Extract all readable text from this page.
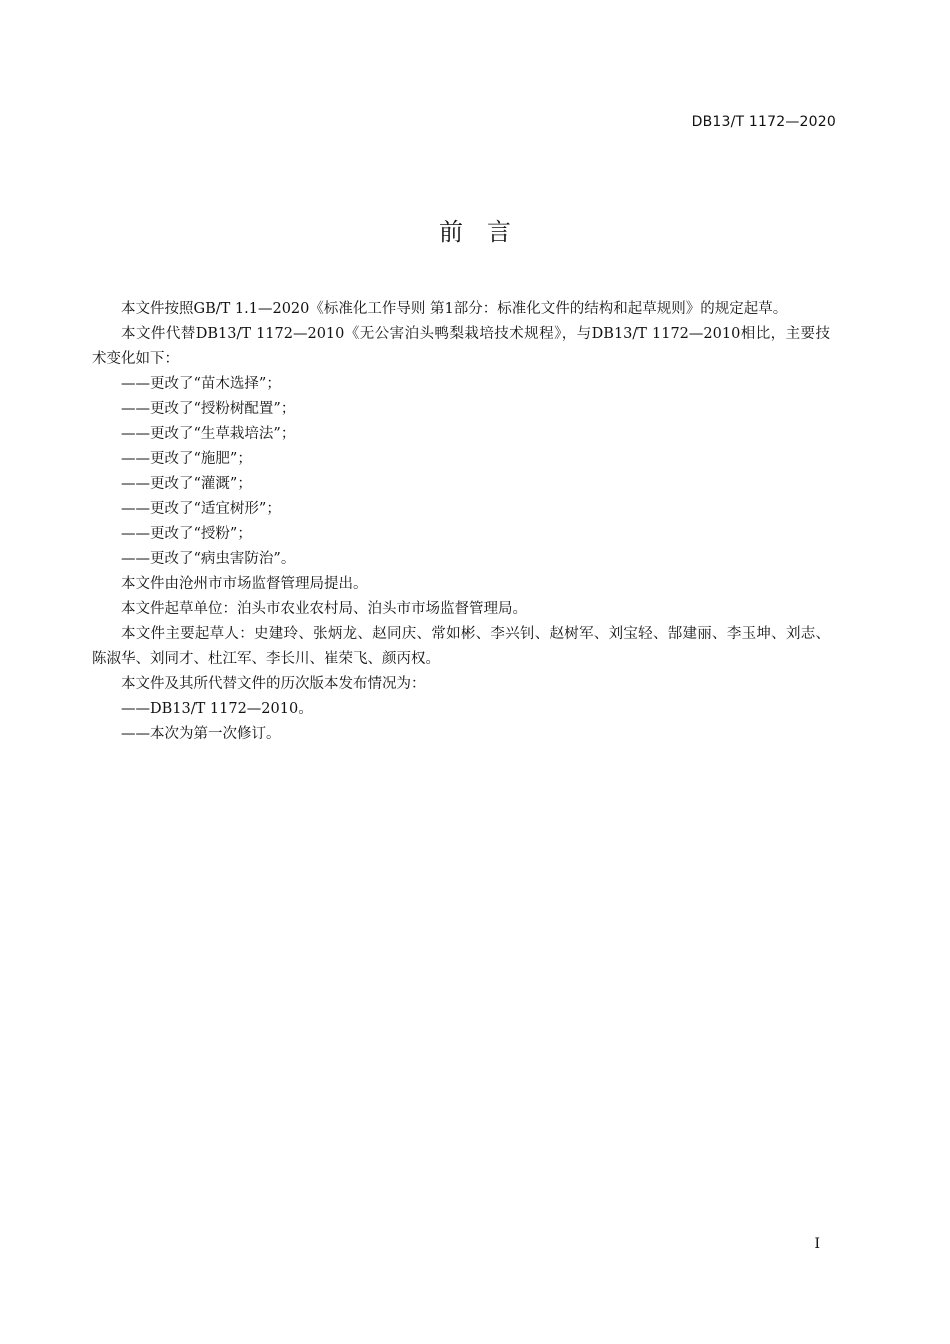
DB13/T 1172—2020
前言

本文件按照GB/T 1.1—2020《标准化工作导则 第1部分：标准化文件的结构和起草规则》的规定起草。

本文件代替DB13/T 1172—2010《无公害泊头鸭梨栽培技术规程》，与DB13/T 1172—2010相比，主要技术变化如下：

——更改了“苗木选择”；

——更改了“授粉树配置”；

——更改了“生草栽培法”；

——更改了“施肥”；

——更改了“灌溉”；

——更改了“适宜树形”；

——更改了“授粉”；

——更改了“病虫害防治”。

本文件由沧州市市场监督管理局提出。

本文件起草单位：泊头市农业农村局、泊头市市场监督管理局。

本文件主要起草人：史建玲、张炳龙、赵同庆、常如彬、李兴钊、赵树军、刘宝轻、郜建丽、李玉坤、刘志、陈淑华、刘同才、杜江军、李长川、崔荣飞、颜丙权。

本文件及其所代替文件的历次版本发布情况为：

——DB13/T 1172—2010。

——本次为第一次修订。

I
